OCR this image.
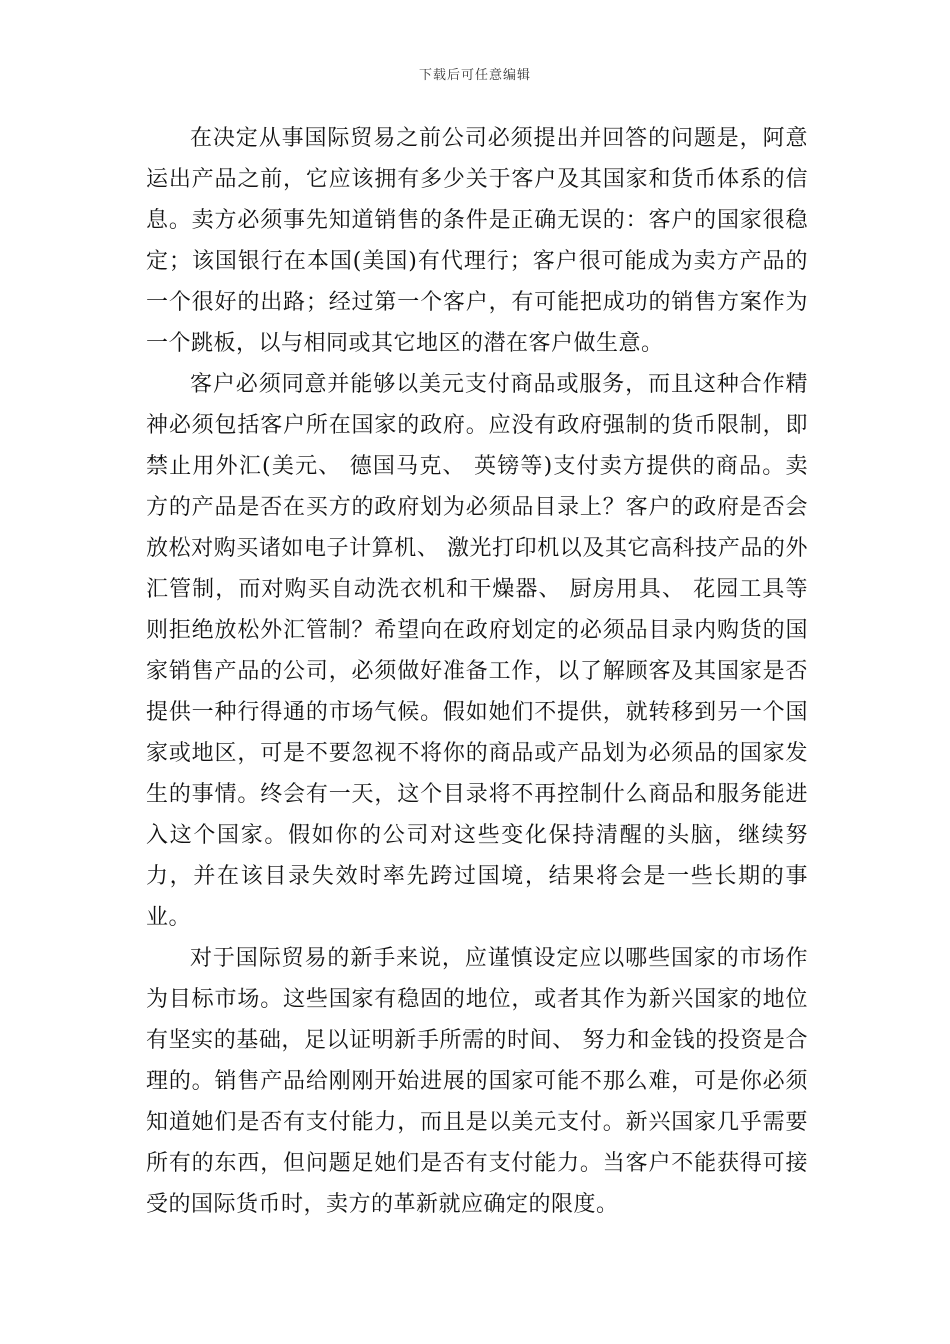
下载后可任意编辑

在决定从事国际贸易之前公司必须提出并回答的问题是，阿意运出产品之前，它应该拥有多少关于客户及其国家和货币体系的信息。卖方必须事先知道销售的条件是正确无误的：客户的国家很稳定；该国银行在本国(美国)有代理行；客户很可能成为卖方产品的一个很好的出路；经过第一个客户，有可能把成功的销售方案作为一个跳板，以与相同或其它地区的潜在客户做生意。

客户必须同意并能够以美元支付商品或服务，而且这种合作精神必须包括客户所在国家的政府。应没有政府强制的货币限制，即禁止用外汇(美元、 德国马克、 英镑等)支付卖方提供的商品。卖方的产品是否在买方的政府划为必须品目录上？客户的政府是否会放松对购买诸如电子计算机、 激光打印机以及其它高科技产品的外汇管制，而对购买自动洗衣机和干燥器、 厨房用具、 花园工具等则拒绝放松外汇管制？希望向在政府划定的必须品目录内购货的国家销售产品的公司，必须做好准备工作，以了解顾客及其国家是否提供一种行得通的市场气候。假如她们不提供，就转移到另一个国家或地区，可是不要忽视不将你的商品或产品划为必须品的国家发生的事情。终会有一天，这个目录将不再控制什么商品和服务能进入这个国家。假如你的公司对这些变化保持清醒的头脑，继续努力，并在该目录失效时率先跨过国境，结果将会是一些长期的事业。

对于国际贸易的新手来说，应谨慎设定应以哪些国家的市场作为目标市场。这些国家有稳固的地位，或者其作为新兴国家的地位有坚实的基础，足以证明新手所需的时间、 努力和金钱的投资是合理的。销售产品给刚刚开始进展的国家可能不那么难，可是你必须知道她们是否有支付能力，而且是以美元支付。新兴国家几乎需要所有的东西，但问题足她们是否有支付能力。当客户不能获得可接受的国际货币时，卖方的革新就应确定的限度。
